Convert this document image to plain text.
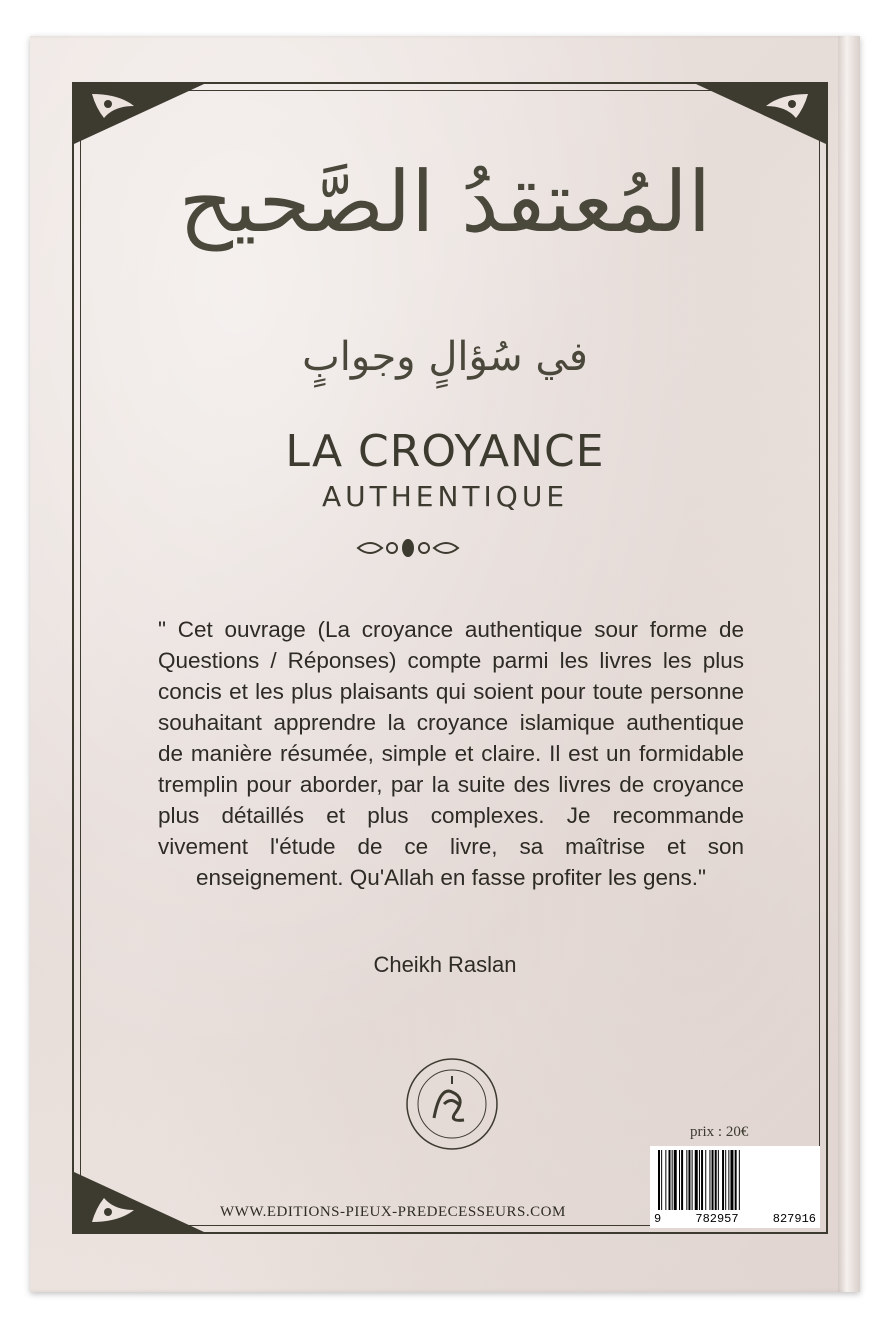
المُعتقدُ الصَّحيح
في سُؤالٍ وجوابٍ
LA CROYANCE
AUTHENTIQUE
" Cet ouvrage (La croyance authentique sour forme de Questions / Réponses) compte parmi les livres les plus concis et les plus plaisants qui soient pour toute personne souhaitant apprendre la croyance islamique authentique de manière résumée, simple et claire. Il est un formidable tremplin pour aborder, par la suite des livres de croyance plus détaillés et plus complexes. Je recommande vivement l'étude de ce livre, sa maîtrise et son enseignement. Qu'Allah en fasse profiter les gens."
Cheikh Raslan
WWW.EDITIONS-PIEUX-PREDECESSEURS.COM
prix : 20€
9	782957	827916
